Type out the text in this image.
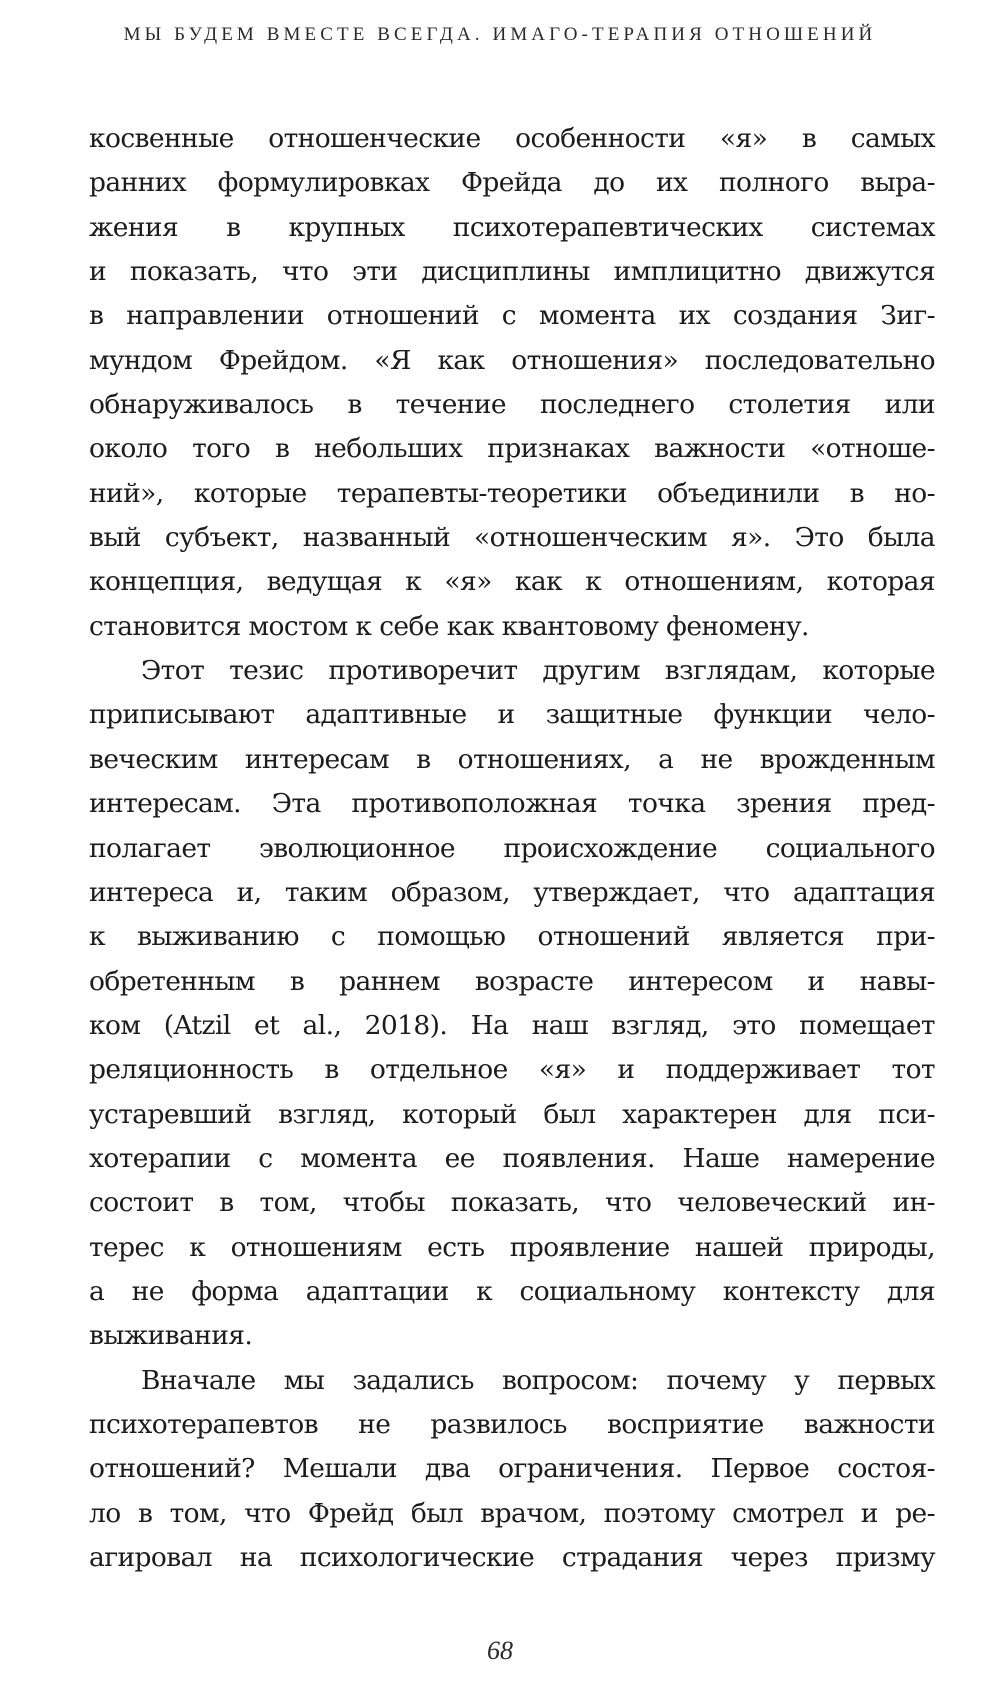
МЫ БУДЕМ ВМЕСТЕ ВСЕГДА. ИМАГО-ТЕРАПИЯ ОТНОШЕНИЙ
косвенные отношенческие особенности «я» в самых
ранних формулировках Фрейда до их полного выра-
жения в крупных психотерапевтических системах
и показать, что эти дисциплины имплицитно движутся
в направлении отношений с момента их создания Зиг-
мундом Фрейдом. «Я как отношения» последовательно
обнаруживалось в течение последнего столетия или
около того в небольших признаках важности «отноше-
ний», которые терапевты-теоретики объединили в но-
вый субъект, названный «отношенческим я». Это была
концепция, ведущая к «я» как к отношениям, которая
становится мостом к себе как квантовому феномену.
Этот тезис противоречит другим взглядам, которые
приписывают адаптивные и защитные функции чело-
веческим интересам в отношениях, а не врожденным
интересам. Эта противоположная точка зрения пред-
полагает эволюционное происхождение социального
интереса и, таким образом, утверждает, что адаптация
к выживанию с помощью отношений является при-
обретенным в раннем возрасте интересом и навы-
ком (Atzil et al., 2018). На наш взгляд, это помещает
реляционность в отдельное «я» и поддерживает тот
устаревший взгляд, который был характерен для пси-
хотерапии с момента ее появления. Наше намерение
состоит в том, чтобы показать, что человеческий ин-
терес к отношениям есть проявление нашей природы,
а не форма адаптации к социальному контексту для
выживания.
Вначале мы задались вопросом: почему у первых
психотерапевтов не развилось восприятие важности
отношений? Мешали два ограничения. Первое состоя-
ло в том, что Фрейд был врачом, поэтому смотрел и ре-
агировал на психологические страдания через призму
68
